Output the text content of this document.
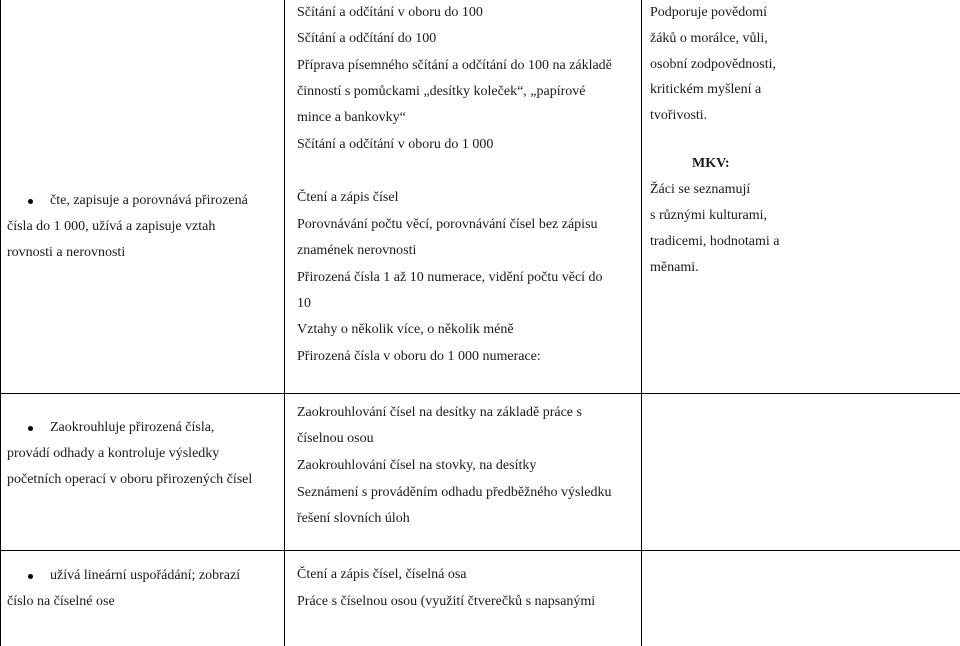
Sčítání a odčítání v oboru do 100
Sčítání a odčítání do 100
Příprava písemného sčítání a odčítání do 100 na základě
činností s pomůckami „desítky koleček“, „papírové
mince a bankovky“
Sčítání a odčítání v oboru do 1 000
Čtení a zápis čísel
Porovnávání počtu věcí, porovnávání čísel bez zápisu
znamének nerovnosti
Přirozená čísla 1 až 10 numerace, vidění počtu věcí do
10
Vztahy o několik více, o několik méně
Přirozená čísla v oboru do 1 000 numerace:
čte, zapisuje a porovnává přirozená
čísla do 1 000, užívá a zapisuje vztah
rovnosti a nerovnosti
Podporuje povědomí
žáků o morálce, vůli,
osobní zodpovědnosti,
kritickém myšlení a
tvořivosti.
MKV:
Žáci se seznamují
s různými kulturami,
tradicemi, hodnotami a
měnami.
Zaokrouhluje přirozená čísla,
provádí odhady a kontroluje výsledky
početních operací v oboru přirozených čísel
Zaokrouhlování čísel na desítky na základě práce s
číselnou osou
Zaokrouhlování čísel na stovky, na desítky
Seznámení s prováděním odhadu předběžného výsledku
řešení slovních úloh
užívá lineární uspořádání; zobrazí
číslo na číselné ose
Čtení a zápis čísel, číselná osa
Práce s číselnou osou (využití čtverečků s napsanými
